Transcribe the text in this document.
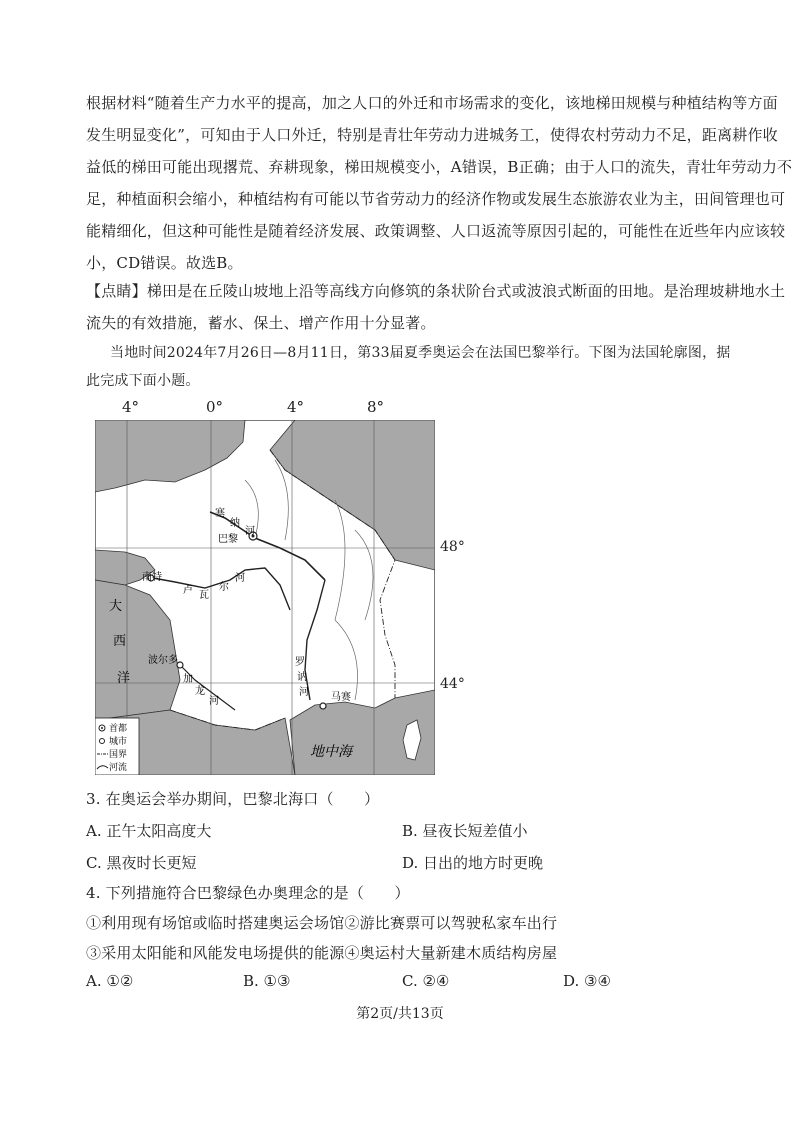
根据材料“随着生产力水平的提高，加之人口的外迁和市场需求的变化，该地梯田规模与种植结构等方面
发生明显变化”，可知由于人口外迁，特别是青壮年劳动力进城务工，使得农村劳动力不足，距离耕作收
益低的梯田可能出现撂荒、弃耕现象，梯田规模变小，A错误，B正确；由于人口的流失，青壮年劳动力不
足，种植面积会缩小，种植结构有可能以节省劳动力的经济作物或发展生态旅游农业为主，田间管理也可
能精细化，但这种可能性是随着经济发展、政策调整、人口返流等原因引起的，可能性在近些年内应该较
小，CD错误。故选B。
【点睛】梯田是在丘陵山坡地上沿等高线方向修筑的条状阶台式或波浪式断面的田地。是治理坡耕地水土
流失的有效措施，蓄水、保土、增产作用十分显著。
当地时间2024年7月26日—8月11日，第33届夏季奥运会在法国巴黎举行。下图为法国轮廓图，据
此完成下面小题。
4°	0°	4°	8°
48°
44°
巴黎
南特
波尔多
马赛
塞
纳
河
卢 瓦
尔
河
罗
讷
河
加
龙
河
大
西
洋
地中海
首都
城市
国界
河流
3. 在奥运会举办期间，巴黎北海口（　　）
A. 正午太阳高度大	B. 昼夜长短差值小
C. 黑夜时长更短	D. 日出的地方时更晚
4. 下列措施符合巴黎绿色办奥理念的是（　　）
①利用现有场馆或临时搭建奥运会场馆②游比赛票可以驾驶私家车出行
③采用太阳能和风能发电场提供的能源④奥运村大量新建木质结构房屋
A. ①②	B. ①③	C. ②④	D. ③④
第2页/共13页
